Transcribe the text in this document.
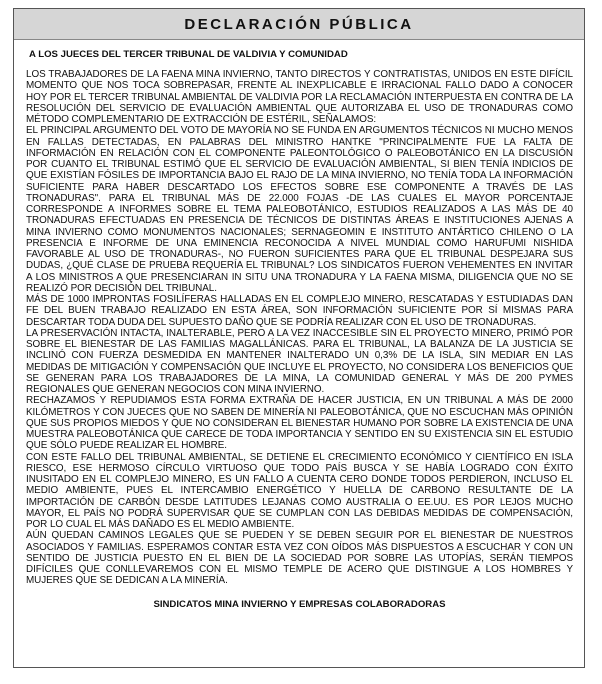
DECLARACIÓN PÚBLICA
A LOS JUECES DEL TERCER TRIBUNAL DE VALDIVIA Y COMUNIDAD

LOS TRABAJADORES DE LA FAENA MINA INVIERNO, TANTO DIRECTOS Y CONTRATISTAS, UNIDOS EN ESTE DIFÍCIL MOMENTO QUE NOS TOCA SOBREPASAR, FRENTE AL INEXPLICABLE E IRRACIONAL FALLO DADO A CONOCER HOY POR EL TERCER TRIBUNAL AMBIENTAL DE VALDIVIA POR LA RECLAMACIÓN INTERPUESTA EN CONTRA DE LA RESOLUCIÓN DEL SERVICIO DE EVALUACIÓN AMBIENTAL QUE AUTORIZABA EL USO DE TRONADURAS COMO MÉTODO COMPLEMENTARIO DE EXTRACCIÓN DE ESTÉRIL, SEÑALAMOS:

EL PRINCIPAL ARGUMENTO DEL VOTO DE MAYORÍA NO SE FUNDA EN ARGUMENTOS TÉCNICOS NI MUCHO MENOS EN FALLAS DETECTADAS, EN PALABRAS DEL MINISTRO HANTKE "PRINCIPALMENTE FUE LA FALTA DE INFORMACIÓN EN RELACIÓN CON EL COMPONENTE PALEONTOLÓGICO O PALEOBOTÁNICO EN LA DISCUSIÓN POR CUANTO EL TRIBUNAL ESTIMÓ QUE EL SERVICIO DE EVALUACIÓN AMBIENTAL, SI BIEN TENÍA INDICIOS DE QUE EXISTÍAN FÓSILES DE IMPORTANCIA BAJO EL RAJO DE LA MINA INVIERNO, NO TENÍA TODA LA INFORMACIÓN SUFICIENTE PARA HABER DESCARTADO LOS EFECTOS SOBRE ESE COMPONENTE A TRAVÉS DE LAS TRONADURAS". PARA EL TRIBUNAL MÁS DE 22.000 FOJAS -DE LAS CUALES EL MAYOR PORCENTAJE CORRESPONDE A INFORMES SOBRE EL TEMA PALEOBOTÁNICO, ESTUDIOS REALIZADOS A LAS MÁS DE 40 TRONADURAS EFECTUADAS EN PRESENCIA DE TÉCNICOS DE DISTINTAS ÁREAS E INSTITUCIONES AJENAS A MINA INVIERNO COMO MONUMENTOS NACIONALES; SERNAGEOMIN E INSTITUTO ANTÁRTICO CHILENO O LA PRESENCIA E INFORME DE UNA EMINENCIA RECONOCIDA A NIVEL MUNDIAL COMO HARUFUMI NISHIDA FAVORABLE AL USO DE TRONADURAS-, NO FUERON SUFICIENTES PARA QUE EL TRIBUNAL DESPEJARA SUS DUDAS, ¿QUÉ CLASE DE PRUEBA REQUERÍA EL TRIBUNAL? LOS SINDICATOS FUERON VEHEMENTES EN INVITAR A LOS MINISTROS A QUE PRESENCIARAN IN SITU UNA TRONADURA Y LA FAENA MISMA, DILIGENCIA QUE NO SE REALIZÓ POR DECISIÓN DEL TRIBUNAL.

MÁS DE 1000 IMPRONTAS FOSILÍFERAS HALLADAS EN EL COMPLEJO MINERO, RESCATADAS Y ESTUDIADAS DAN FE DEL BUEN TRABAJO REALIZADO EN ESTA ÁREA, SON INFORMACIÓN SUFICIENTE POR SÍ MISMAS PARA DESCARTAR TODA DUDA DEL SUPUESTO DAÑO QUE SE PODRÍA REALIZAR CON EL USO DE TRONADURAS.

LA PRESERVACIÓN INTACTA, INALTERABLE, PERO A LA VEZ INACCESIBLE SIN EL PROYECTO MINERO, PRIMÓ POR SOBRE EL BIENESTAR DE LAS FAMILIAS MAGALLÁNICAS. PARA EL TRIBUNAL, LA BALANZA DE LA JUSTICIA SE INCLINÓ CON FUERZA DESMEDIDA EN MANTENER INALTERADO UN 0,3% DE LA ISLA, SIN MEDIAR EN LAS MEDIDAS DE MITIGACIÓN Y COMPENSACIÓN QUE INCLUYE EL PROYECTO, NO CONSIDERA LOS BENEFICIOS QUE SE GENERAN PARA LOS TRABAJADORES DE LA MINA, LA COMUNIDAD GENERAL Y MÁS DE 200 PYMES REGIONALES QUE GENERAN NEGOCIOS CON MINA INVIERNO.

RECHAZAMOS Y REPUDIAMOS ESTA FORMA EXTRAÑA DE HACER JUSTICIA, EN UN TRIBUNAL A MÁS DE 2000 KILÓMETROS Y CON JUECES QUE NO SABEN DE MINERÍA NI PALEOBOTÁNICA, QUE NO ESCUCHAN MÁS OPINIÓN QUE SUS PROPIOS MIEDOS Y QUE NO CONSIDERAN EL BIENESTAR HUMANO POR SOBRE LA EXISTENCIA DE UNA MUESTRA PALEOBOTÁNICA QUE CARECE DE TODA IMPORTANCIA Y SENTIDO EN SU EXISTENCIA SIN EL ESTUDIO QUE SÓLO PUEDE REALIZAR EL HOMBRE.

CON ESTE FALLO DEL TRIBUNAL AMBIENTAL, SE DETIENE EL CRECIMIENTO ECONÓMICO Y CIENTÍFICO EN ISLA RIESCO, ESE HERMOSO CÍRCULO VIRTUOSO QUE TODO PAÍS BUSCA Y SE HABÍA LOGRADO CON ÉXITO INUSITADO EN EL COMPLEJO MINERO, ES UN FALLO A CUENTA CERO DONDE TODOS PERDIERON, INCLUSO EL MEDIO AMBIENTE, PUES EL INTERCAMBIO ENERGÉTICO Y HUELLA DE CARBONO RESULTANTE DE LA IMPORTACIÓN DE CARBÓN DESDE LATITUDES LEJANAS COMO AUSTRALIA O EE.UU. ES POR LEJOS MUCHO MAYOR, EL PAÍS NO PODRÁ SUPERVISAR QUE SE CUMPLAN CON LAS DEBIDAS MEDIDAS DE COMPENSACIÓN, POR LO CUAL EL MÁS DAÑADO ES EL MEDIO AMBIENTE.

AÚN QUEDAN CAMINOS LEGALES QUE SE PUEDEN Y SE DEBEN SEGUIR POR EL BIENESTAR DE NUESTROS ASOCIADOS Y FAMILIAS. ESPERAMOS CONTAR ESTA VEZ CON OÍDOS MÁS DISPUESTOS A ESCUCHAR Y CON UN SENTIDO DE JUSTICIA PUESTO EN EL BIEN DE LA SOCIEDAD POR SOBRE LAS UTOPÍAS, SERÁN TIEMPOS DIFÍCILES QUE CONLLEVAREMOS CON EL MISMO TEMPLE DE ACERO QUE DISTINGUE A LOS HOMBRES Y MUJERES QUE SE DEDICAN A LA MINERÍA.

SINDICATOS MINA INVIERNO Y EMPRESAS COLABORADORAS
